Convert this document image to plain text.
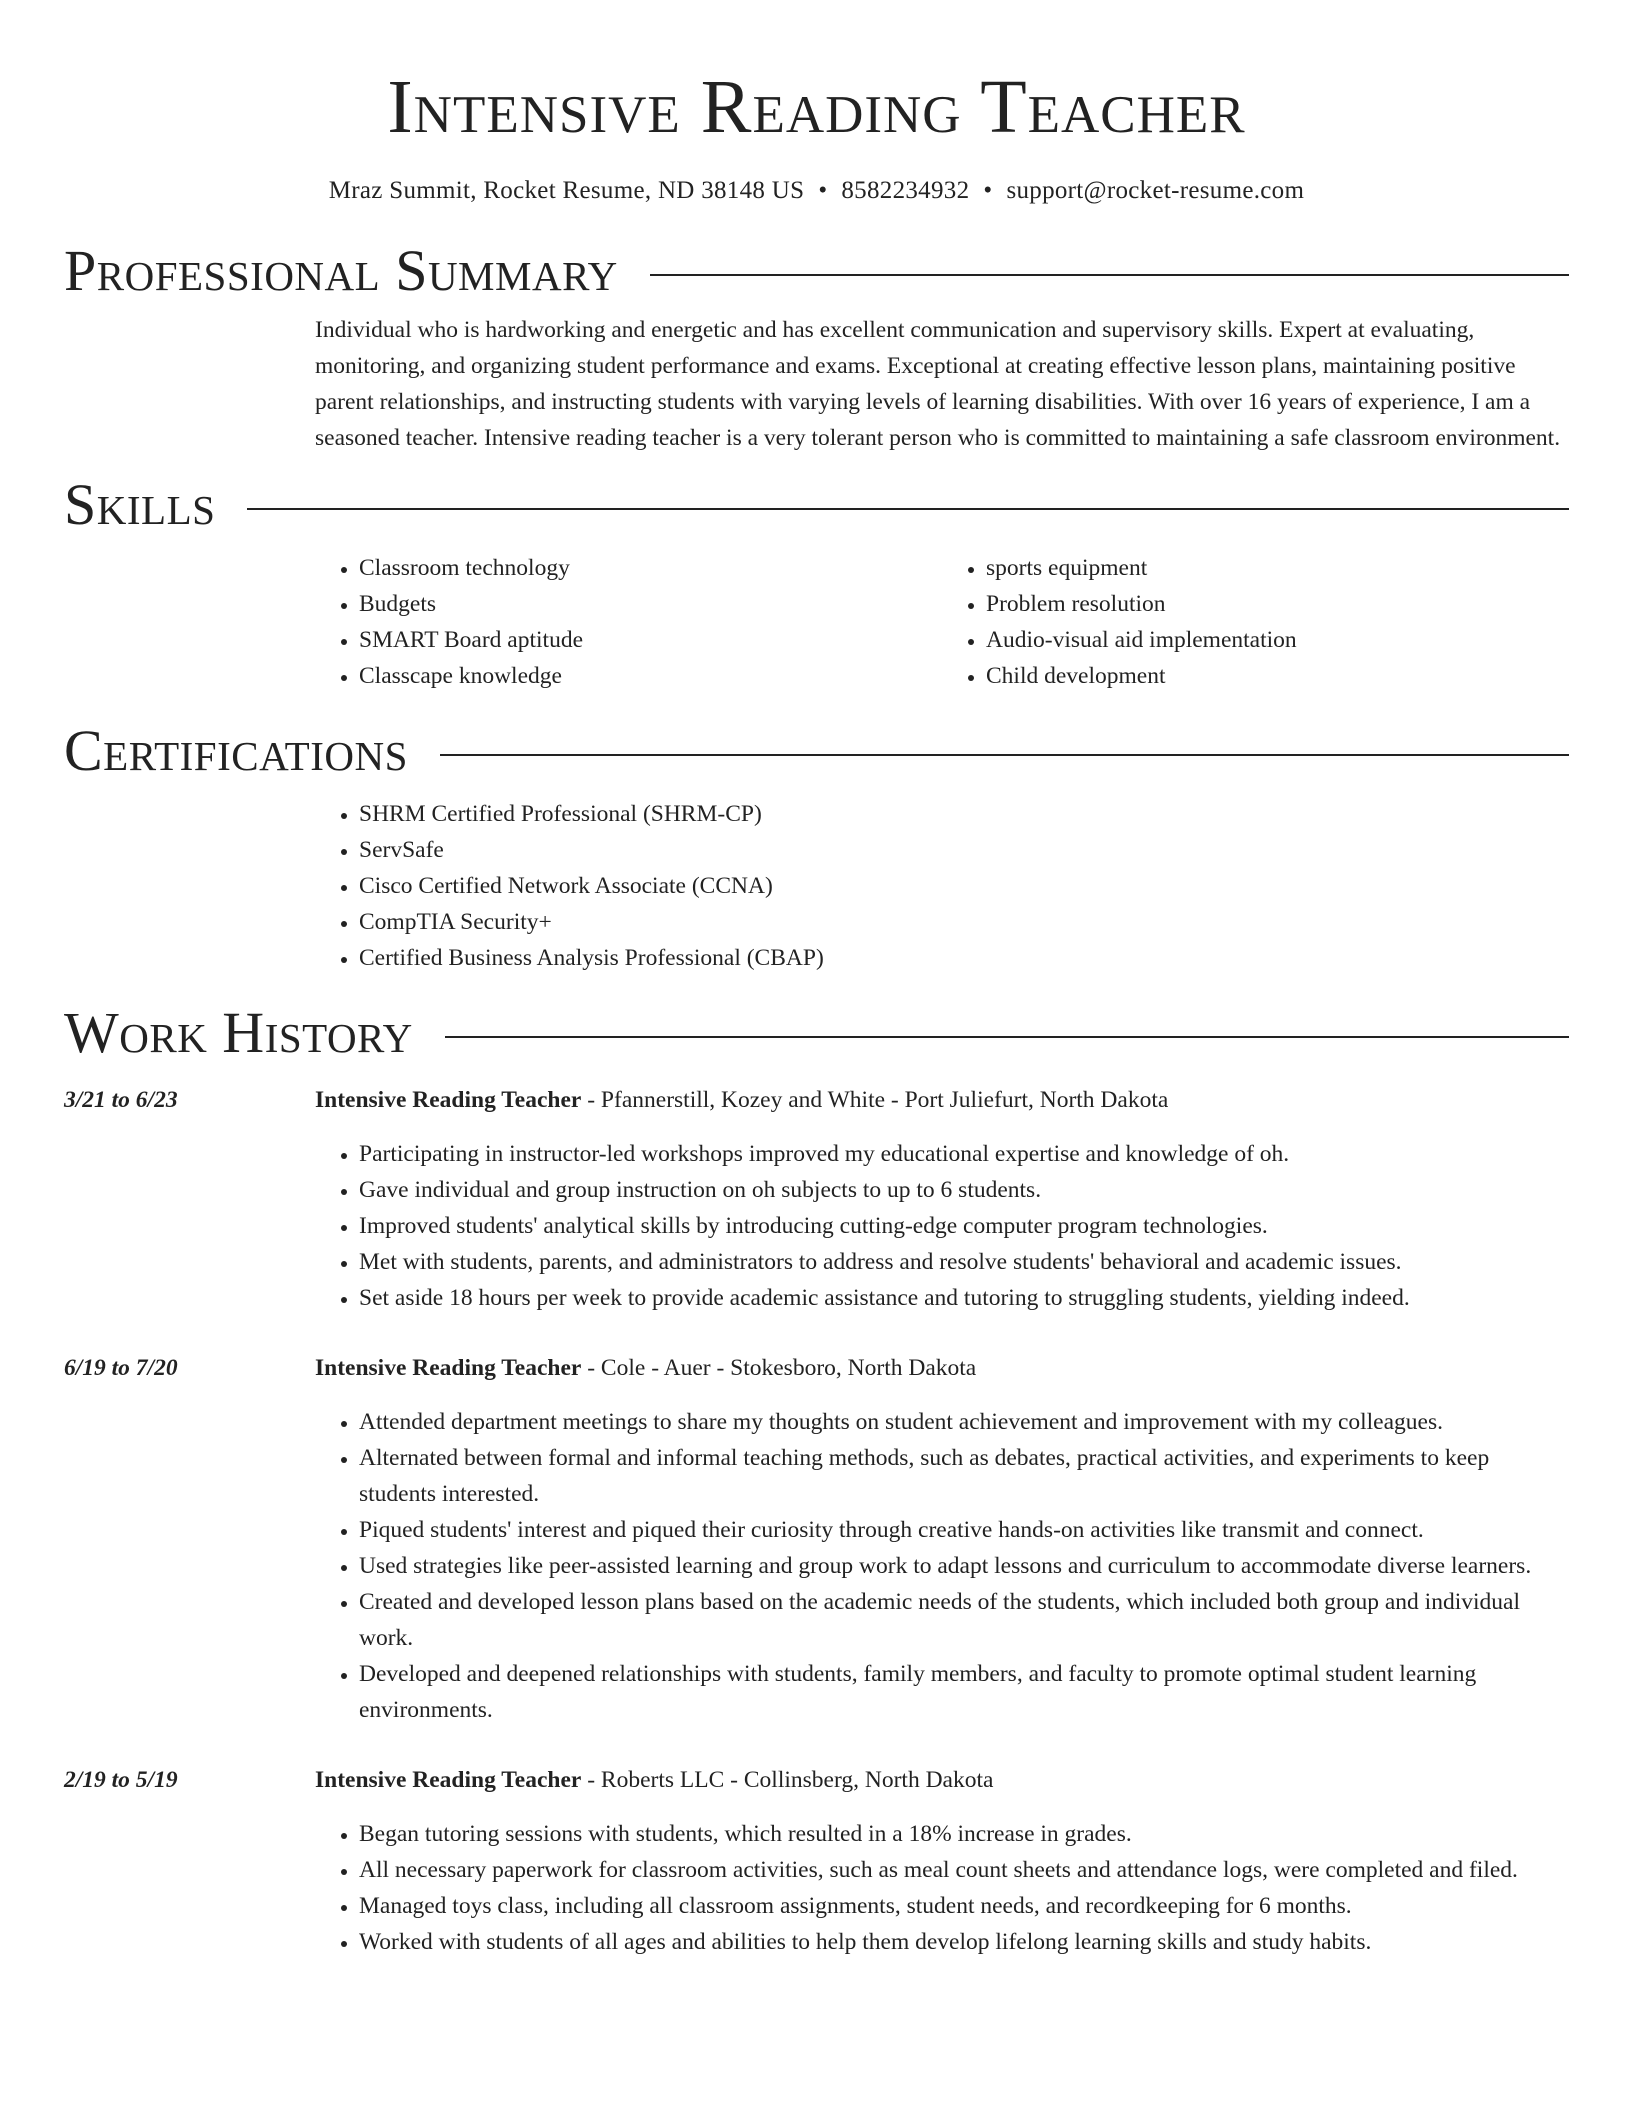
Intensive Reading Teacher
Mraz Summit, Rocket Resume, ND 38148 US • 8582234932 • support@rocket-resume.com
Professional Summary

Individual who is hardworking and energetic and has excellent communication and supervisory skills. Expert at evaluating, monitoring, and organizing student performance and exams. Exceptional at creating effective lesson plans, maintaining positive parent relationships, and instructing students with varying levels of learning disabilities. With over 16 years of experience, I am a seasoned teacher. Intensive reading teacher is a very tolerant person who is committed to maintaining a safe classroom environment.

Skills
• Classroom technology
• Budgets
• SMART Board aptitude
• Classcape knowledge
• sports equipment
• Problem resolution
• Audio-visual aid implementation
• Child development
Certifications
• SHRM Certified Professional (SHRM-CP)
• ServSafe
• Cisco Certified Network Associate (CCNA)
• CompTIA Security+
• Certified Business Analysis Professional (CBAP)
Work History
3/21 to 6/23	Intensive Reading Teacher - Pfannerstill, Kozey and White - Port Juliefurt, North Dakota

• Participating in instructor-led workshops improved my educational expertise and knowledge of oh.
• Gave individual and group instruction on oh subjects to up to 6 students.
• Improved students' analytical skills by introducing cutting-edge computer program technologies.
• Met with students, parents, and administrators to address and resolve students' behavioral and academic issues.
• Set aside 18 hours per week to provide academic assistance and tutoring to struggling students, yielding indeed.
6/19 to 7/20	Intensive Reading Teacher - Cole - Auer - Stokesboro, North Dakota

• Attended department meetings to share my thoughts on student achievement and improvement with my colleagues.
• Alternated between formal and informal teaching methods, such as debates, practical activities, and experiments to keep students interested.
• Piqued students' interest and piqued their curiosity through creative hands-on activities like transmit and connect.
• Used strategies like peer-assisted learning and group work to adapt lessons and curriculum to accommodate diverse learners.
• Created and developed lesson plans based on the academic needs of the students, which included both group and individual work.
• Developed and deepened relationships with students, family members, and faculty to promote optimal student learning environments.
2/19 to 5/19	Intensive Reading Teacher - Roberts LLC - Collinsberg, North Dakota

• Began tutoring sessions with students, which resulted in a 18% increase in grades.
• All necessary paperwork for classroom activities, such as meal count sheets and attendance logs, were completed and filed.
• Managed toys class, including all classroom assignments, student needs, and recordkeeping for 6 months.
• Worked with students of all ages and abilities to help them develop lifelong learning skills and study habits.
